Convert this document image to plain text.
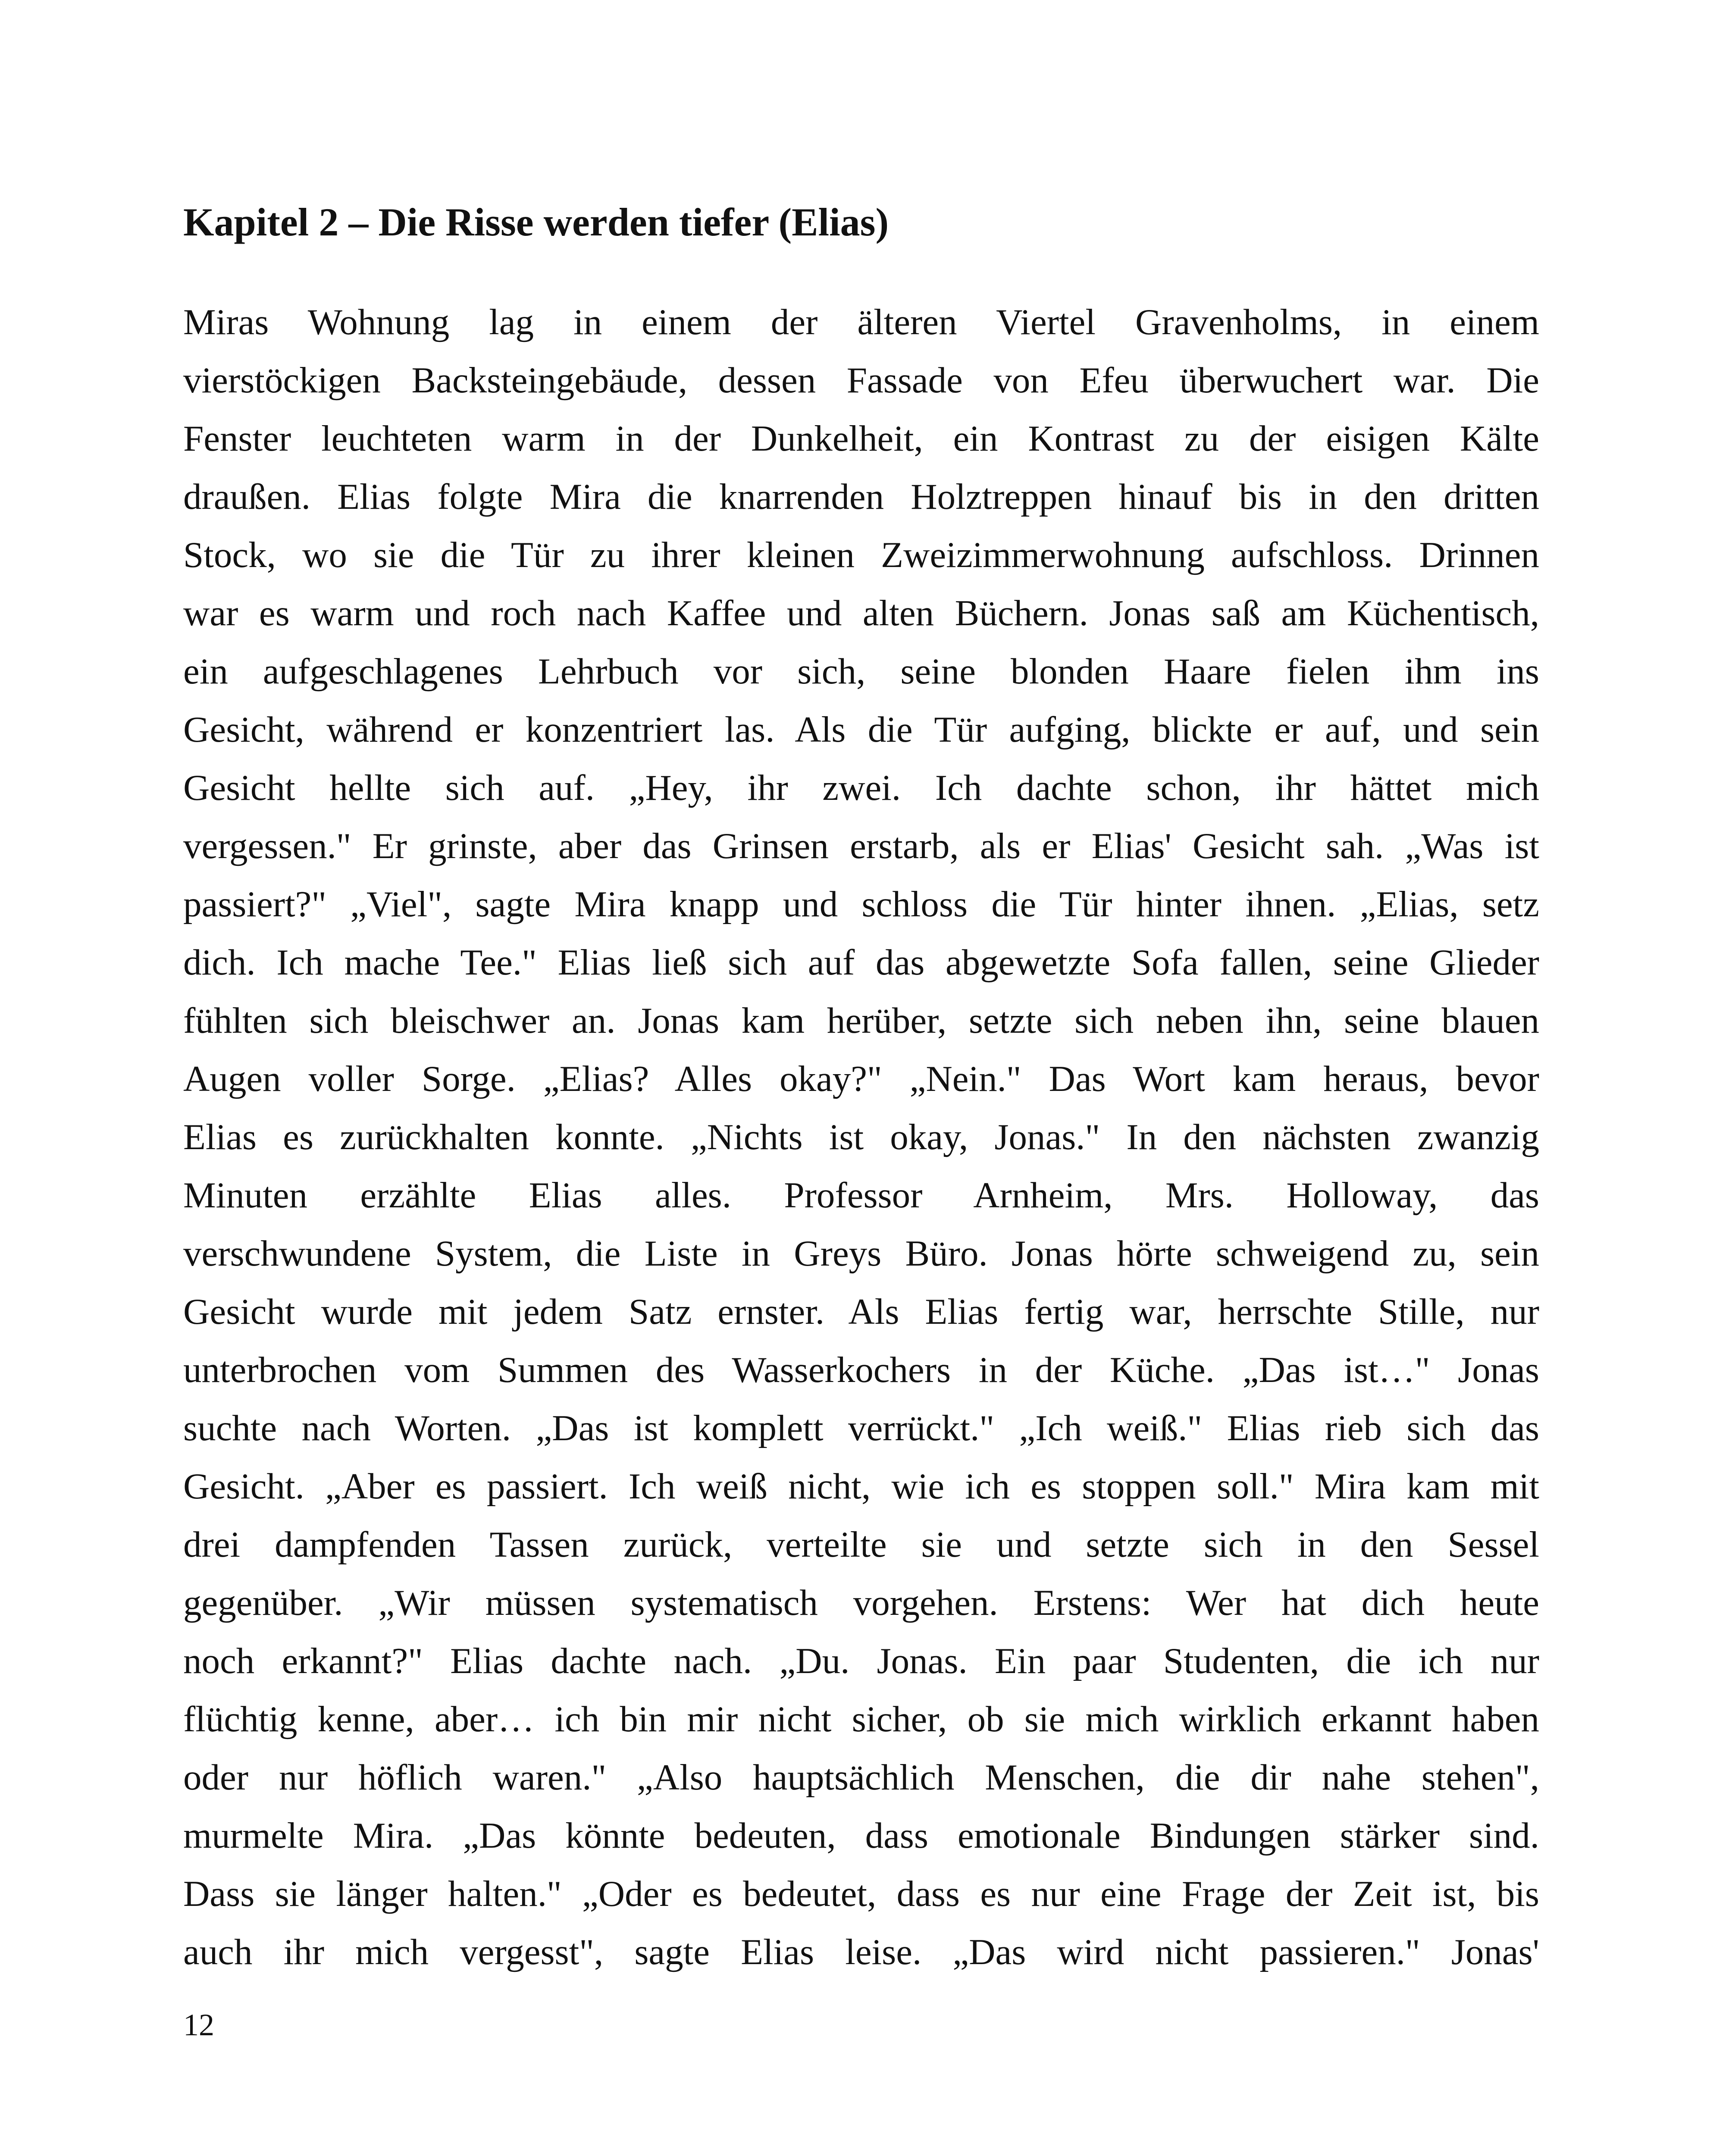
Kapitel 2 – Die Risse werden tiefer (Elias)
Miras Wohnung lag in einem der älteren Viertel Gravenholms, in einem
vierstöckigen Backsteingebäude, dessen Fassade von Efeu überwuchert war. Die
Fenster leuchteten warm in der Dunkelheit, ein Kontrast zu der eisigen Kälte
draußen. Elias folgte Mira die knarrenden Holztreppen hinauf bis in den dritten
Stock, wo sie die Tür zu ihrer kleinen Zweizimmerwohnung aufschloss. Drinnen
war es warm und roch nach Kaffee und alten Büchern. Jonas saß am Küchentisch,
ein aufgeschlagenes Lehrbuch vor sich, seine blonden Haare fielen ihm ins
Gesicht, während er konzentriert las. Als die Tür aufging, blickte er auf, und sein
Gesicht hellte sich auf. „Hey, ihr zwei. Ich dachte schon, ihr hättet mich
vergessen." Er grinste, aber das Grinsen erstarb, als er Elias' Gesicht sah. „Was ist
passiert?" „Viel", sagte Mira knapp und schloss die Tür hinter ihnen. „Elias, setz
dich. Ich mache Tee." Elias ließ sich auf das abgewetzte Sofa fallen, seine Glieder
fühlten sich bleischwer an. Jonas kam herüber, setzte sich neben ihn, seine blauen
Augen voller Sorge. „Elias? Alles okay?" „Nein." Das Wort kam heraus, bevor
Elias es zurückhalten konnte. „Nichts ist okay, Jonas." In den nächsten zwanzig
Minuten erzählte Elias alles. Professor Arnheim, Mrs. Holloway, das
verschwundene System, die Liste in Greys Büro. Jonas hörte schweigend zu, sein
Gesicht wurde mit jedem Satz ernster. Als Elias fertig war, herrschte Stille, nur
unterbrochen vom Summen des Wasserkochers in der Küche. „Das ist…" Jonas
suchte nach Worten. „Das ist komplett verrückt." „Ich weiß." Elias rieb sich das
Gesicht. „Aber es passiert. Ich weiß nicht, wie ich es stoppen soll." Mira kam mit
drei dampfenden Tassen zurück, verteilte sie und setzte sich in den Sessel
gegenüber. „Wir müssen systematisch vorgehen. Erstens: Wer hat dich heute
noch erkannt?" Elias dachte nach. „Du. Jonas. Ein paar Studenten, die ich nur
flüchtig kenne, aber… ich bin mir nicht sicher, ob sie mich wirklich erkannt haben
oder nur höflich waren." „Also hauptsächlich Menschen, die dir nahe stehen",
murmelte Mira. „Das könnte bedeuten, dass emotionale Bindungen stärker sind.
Dass sie länger halten." „Oder es bedeutet, dass es nur eine Frage der Zeit ist, bis
auch ihr mich vergesst", sagte Elias leise. „Das wird nicht passieren." Jonas'
12
